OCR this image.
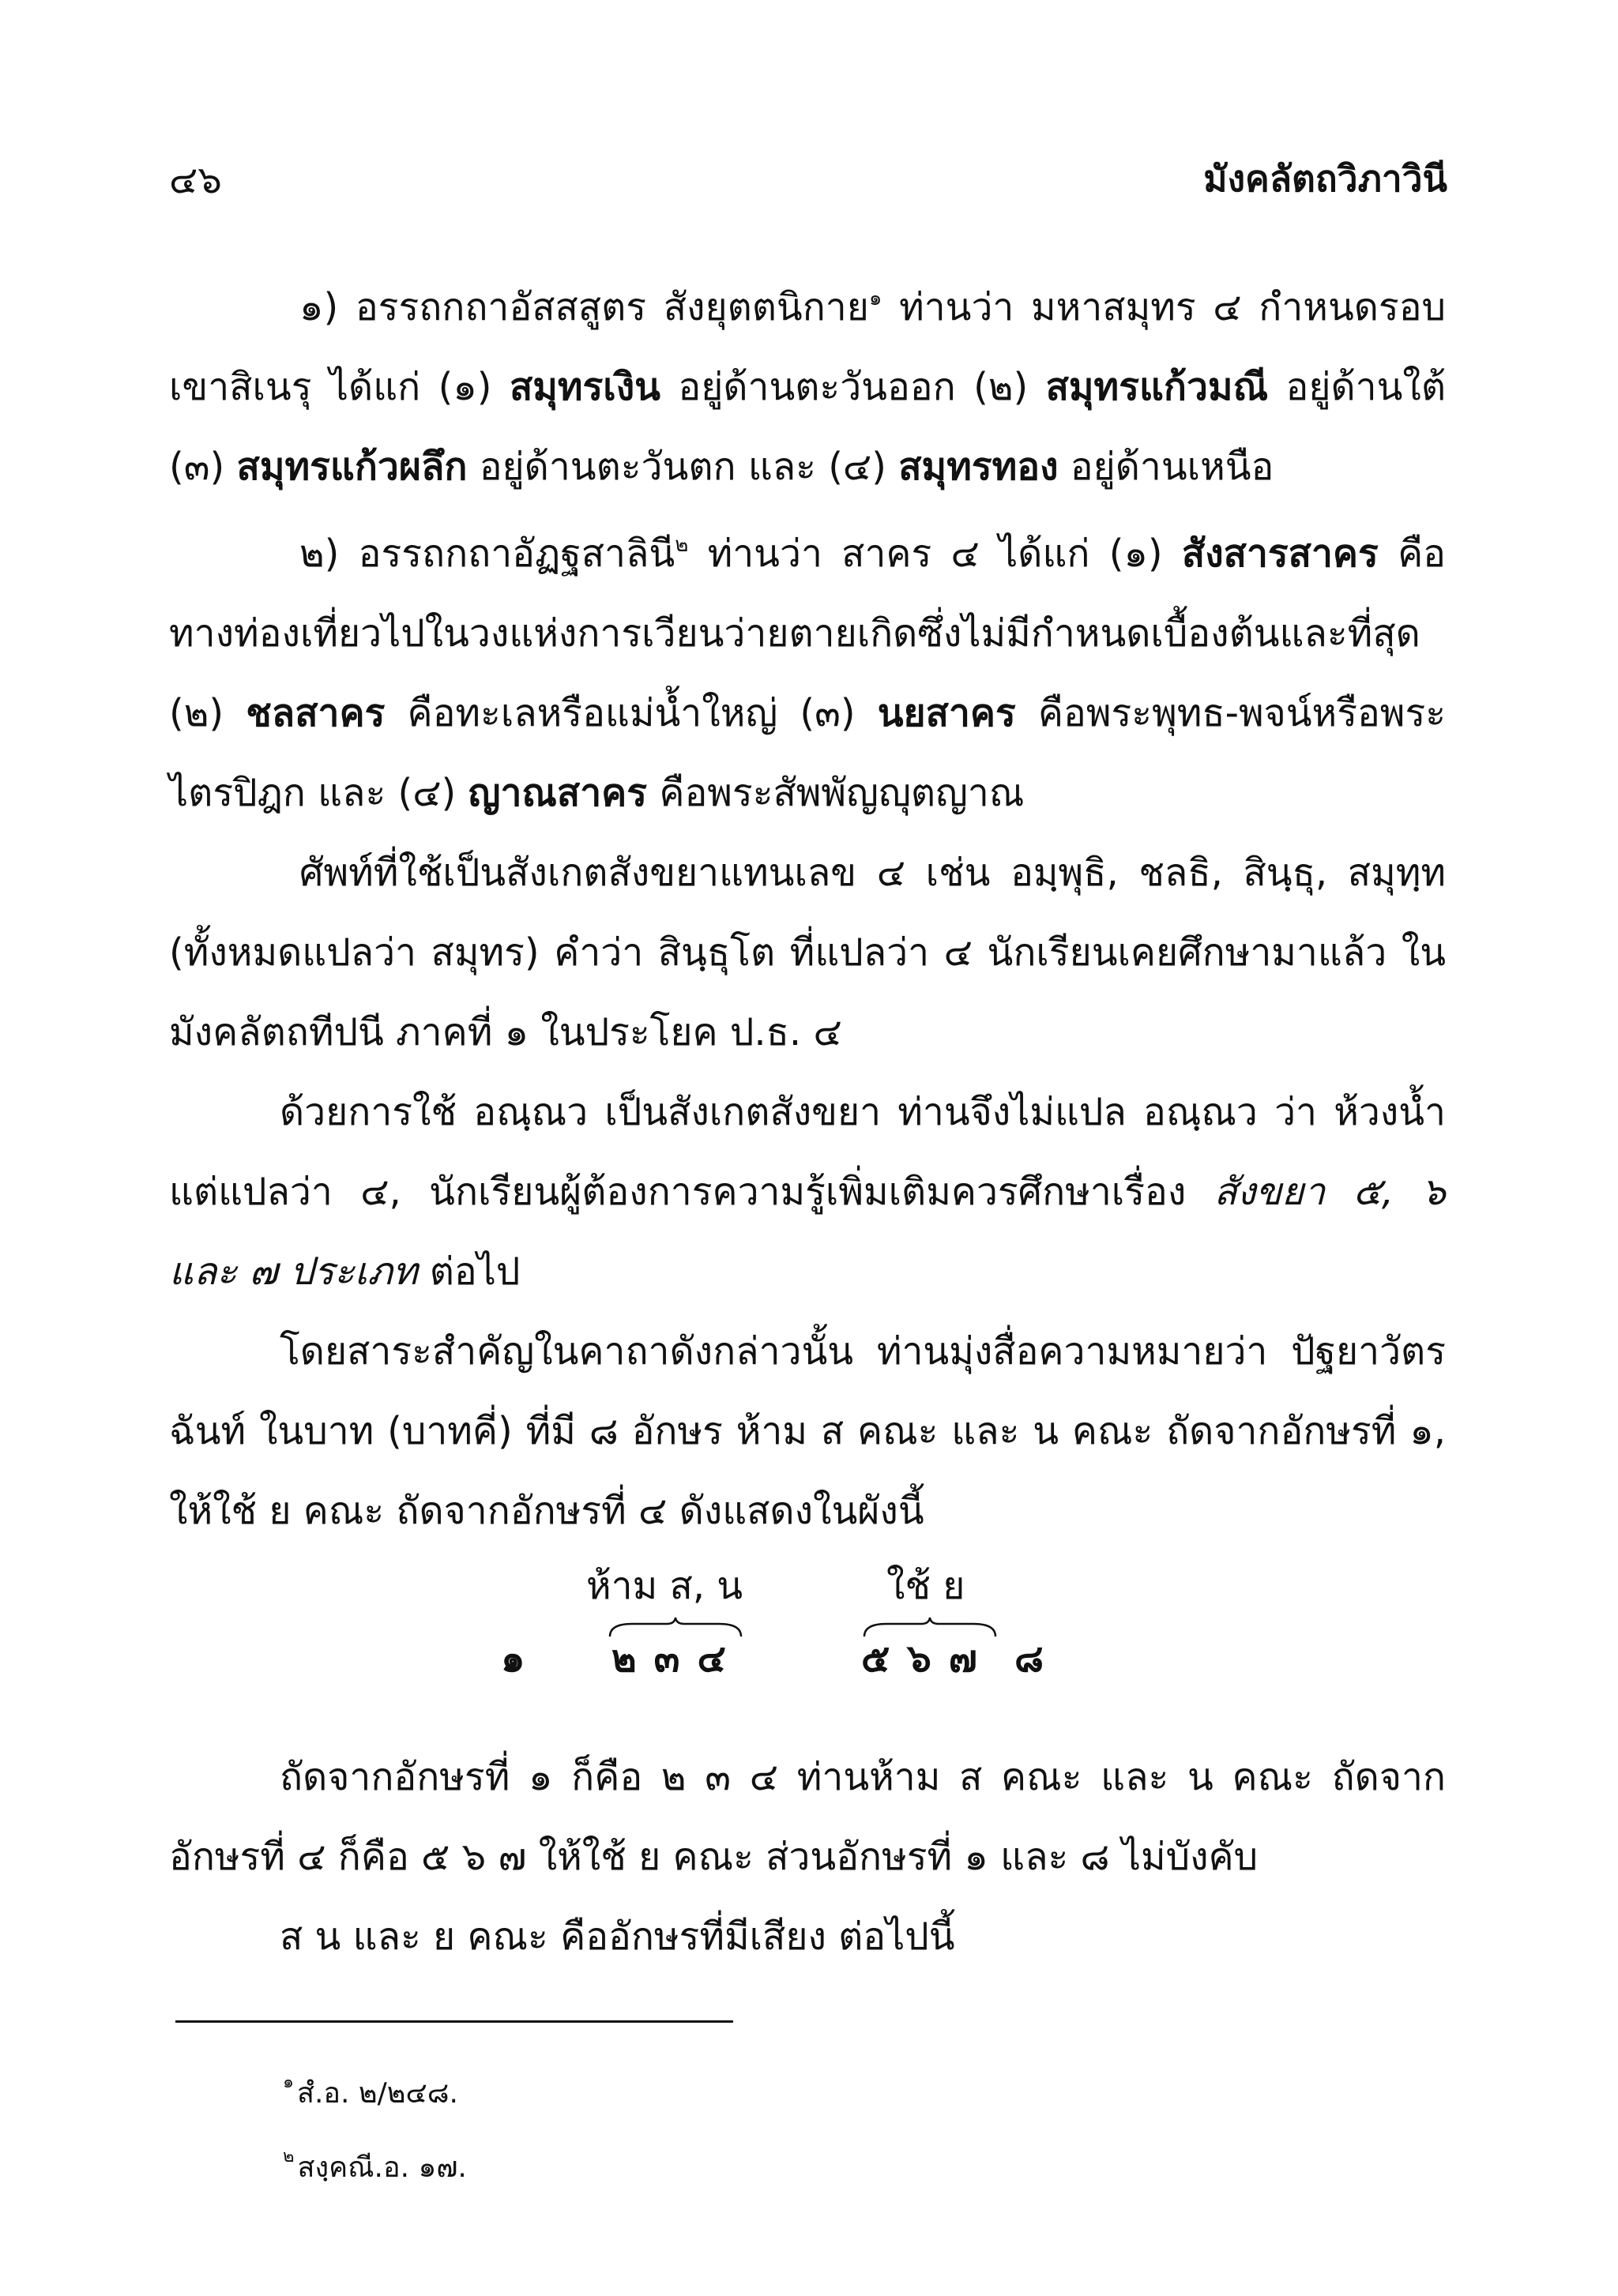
๔๖	มังคลัตถวิภาวินี

๑) อรรถกถาอัสสสูตร สังยุตตนิกาย$^๑$ ท่านว่า มหาสมุทร ๔ กำหนดรอบเขาสิเนรุ ได้แก่ (๑) สมุทรเงิน อยู่ด้านตะวันออก (๒) สมุทรแก้วมณี อยู่ด้านใต้ (๓) สมุทรแก้วผลึก อยู่ด้านตะวันตก และ (๔) สมุทรทอง อยู่ด้านเหนือ

๒) อรรถกถาอัฏฐสาลินี$^๒$ ท่านว่า สาคร ๔ ได้แก่ (๑) สังสารสาคร คือทางท่องเที่ยวไปในวงแห่งการเวียนว่ายตายเกิดซึ่งไม่มีกำหนดเบื้องต้นและที่สุด (๒) ชลสาคร คือทะเลหรือแม่น้ำใหญ่ (๓) นยสาคร คือพระพุทธ-พจน์หรือพระไตรปิฎก และ (๔) ญาณสาคร คือพระสัพพัญญุตญาณ

ศัพท์ที่ใช้เป็นสังเกตสังขยาแทนเลข ๔ เช่น อมฺพุธิ, ชลธิ, สินฺธุ, สมุทฺท (ทั้งหมดแปลว่า สมุทร) คำว่า สินฺธุโต ที่แปลว่า ๔ นักเรียนเคยศึกษามาแล้ว ในมังคลัตถทีปนี ภาคที่ ๑ ในประโยค ป.ธ. ๔

ด้วยการใช้ อณฺณว เป็นสังเกตสังขยา ท่านจึงไม่แปล อณฺณว ว่า ห้วงน้ำ แต่แปลว่า ๔, นักเรียนผู้ต้องการความรู้เพิ่มเติมควรศึกษาเรื่อง สังขยา ๕, ๖ และ ๗ ประเภท ต่อไป

โดยสาระสำคัญในคาถาดังกล่าวนั้น ท่านมุ่งสื่อความหมายว่า ปัฐยาวัตรฉันท์ ในบาท (บาทคี่) ที่มี ๘ อักษร ห้าม ส คณะ และ น คณะ ถัดจากอักษรที่ ๑, ให้ใช้ ย คณะ ถัดจากอักษรที่ ๔ ดังแสดงในผังนี้

ห้าม ส, น	ใช้ ย
๑ ๒๓๔	๕๖๗ ๘

ถัดจากอักษรที่ ๑ ก็คือ ๒ ๓ ๔ ท่านห้าม ส คณะ และ น คณะ ถัดจากอักษรที่ ๔ ก็คือ ๕ ๖ ๗ ให้ใช้ ย คณะ ส่วนอักษรที่ ๑ และ ๘ ไม่บังคับ

ส น และ ย คณะ คืออักษรที่มีเสียง ต่อไปนี้

$^๑$ สํ.อ. ๒/๒๔๘.
$^๒$ สงฺคณี.อ. ๑๗.
